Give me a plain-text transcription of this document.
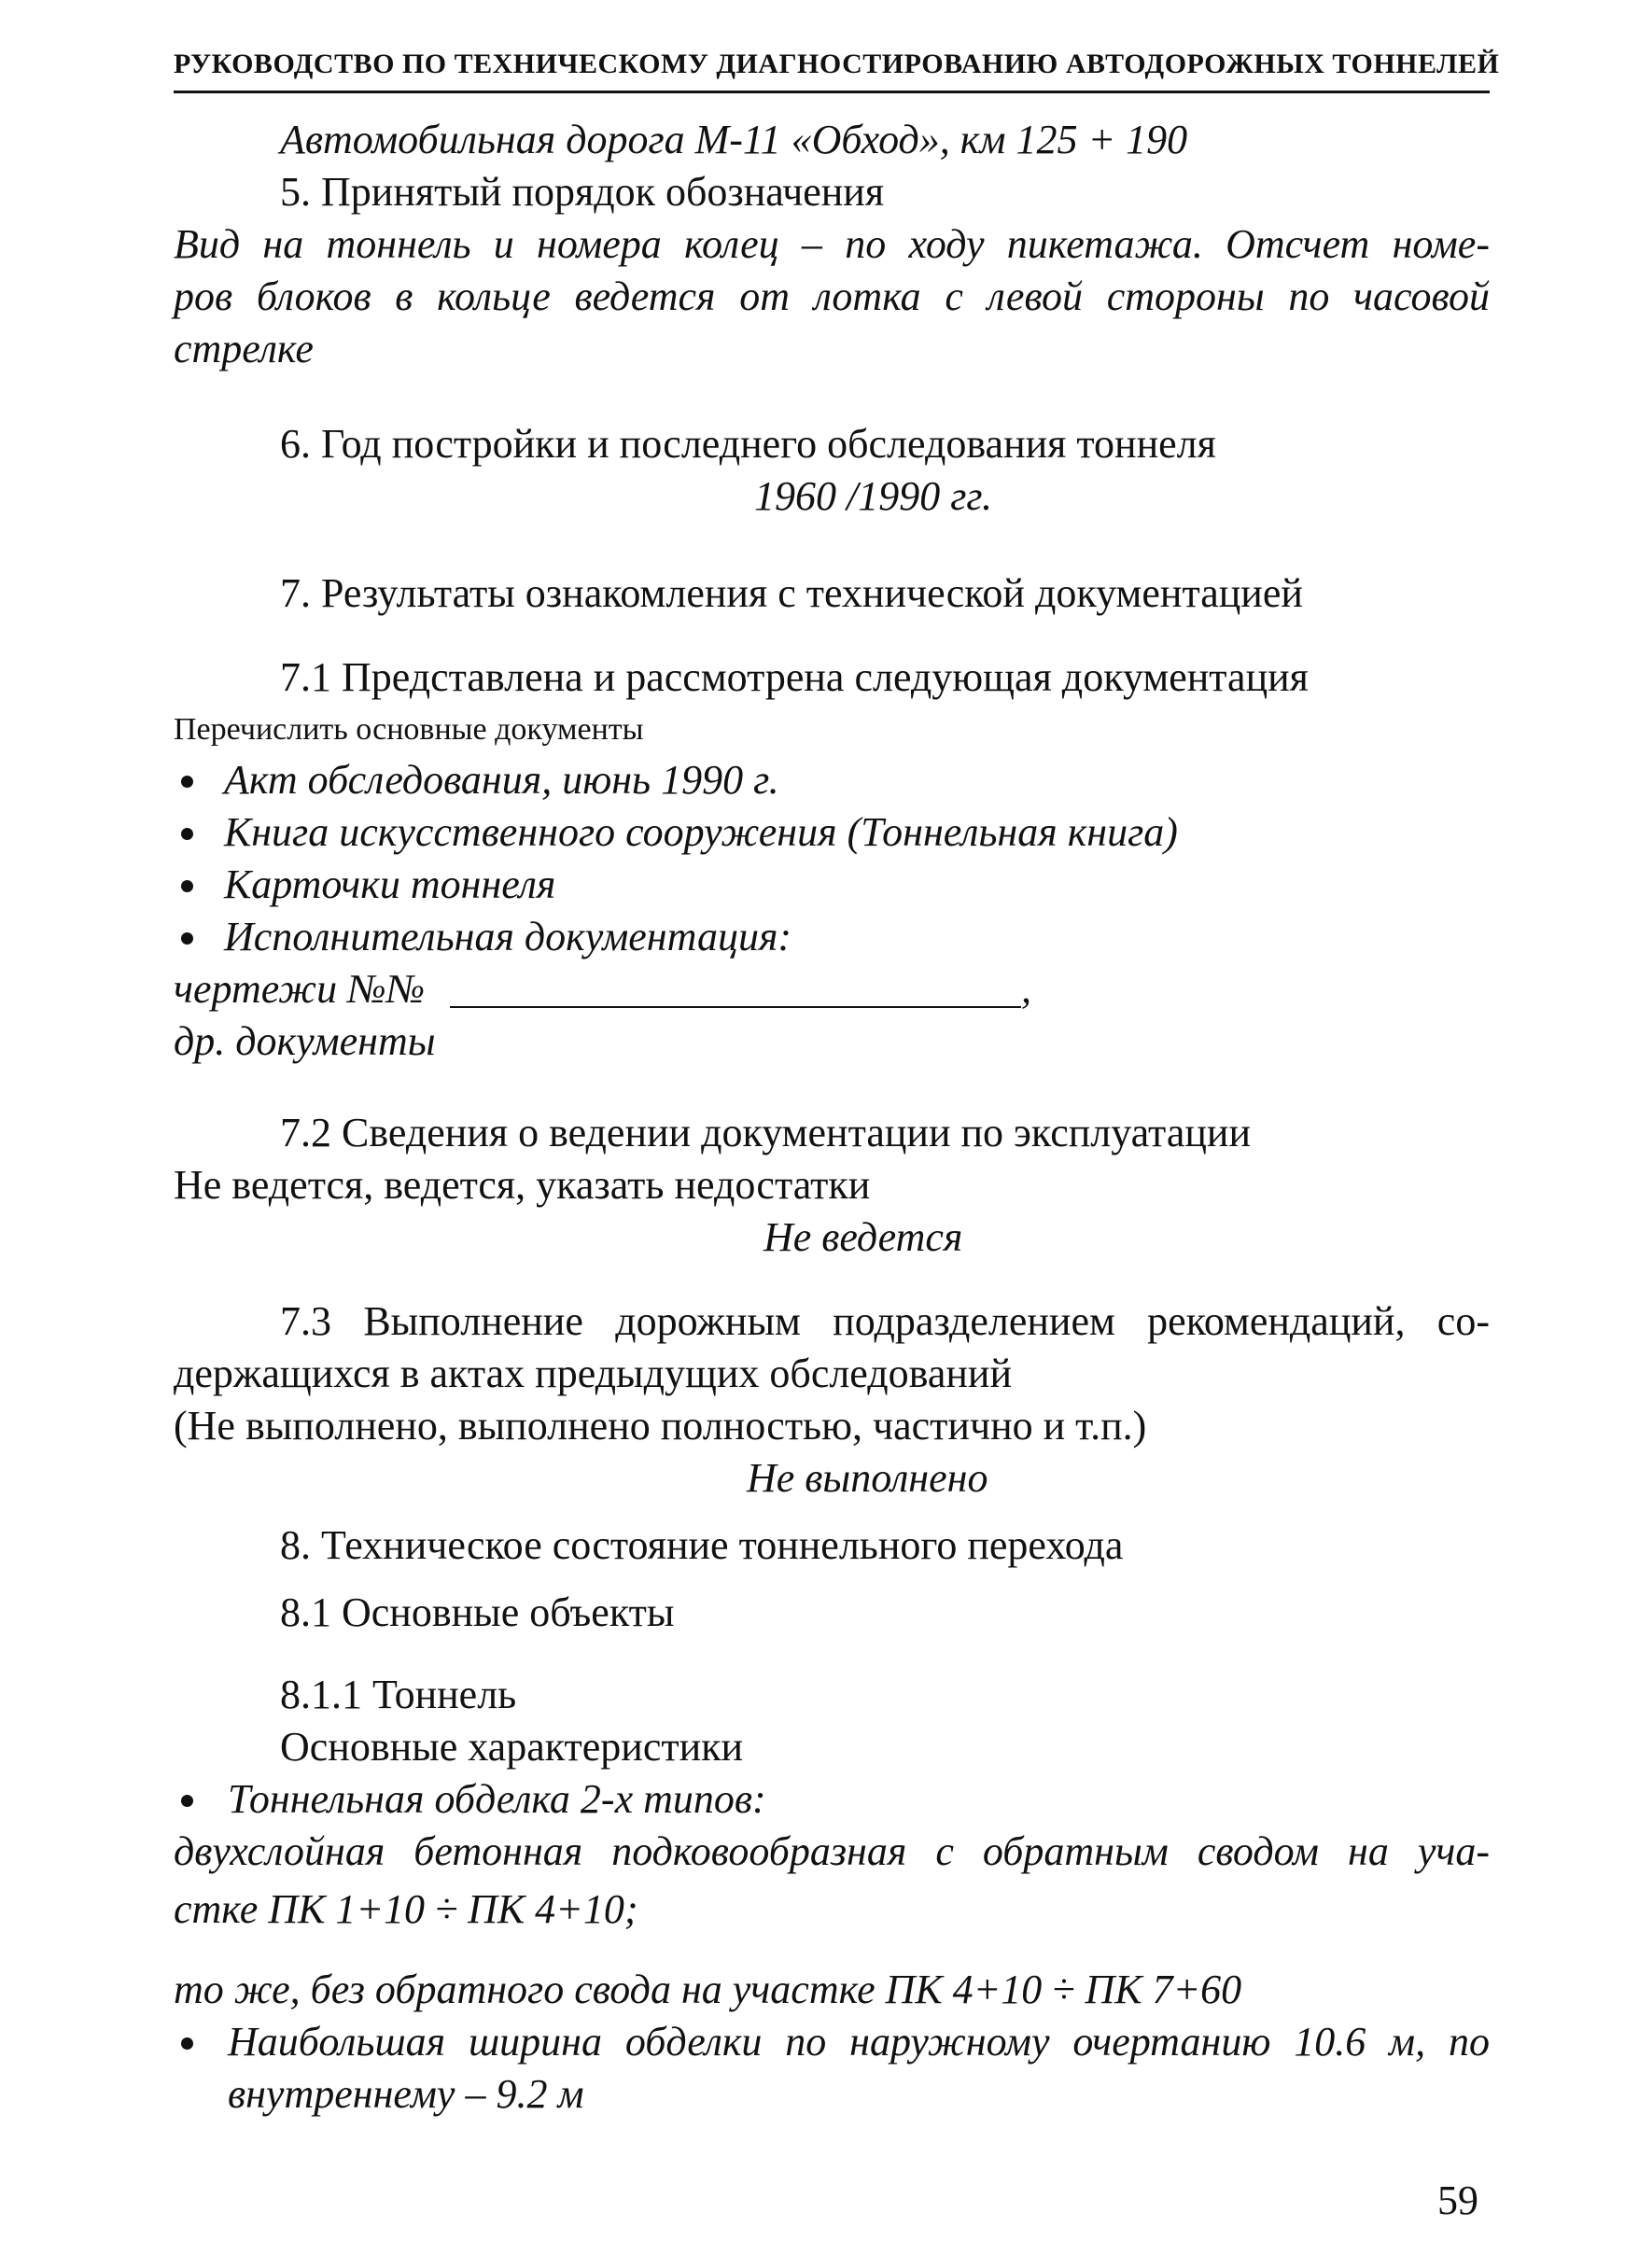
РУКОВОДСТВО ПО ТЕХНИЧЕСКОМУ ДИАГНОСТИРОВАНИЮ АВТОДОРОЖНЫХ ТОННЕЛЕЙ
Автомобильная дорога М-11 «Обход», км 125 + 190
5. Принятый порядок обозначения
Вид на тоннель и номера колец – по ходу пикетажа. Отсчет номе-
ров блоков в кольце ведется от лотка с левой стороны по часовой
стрелке
6. Год постройки и последнего обследования тоннеля
1960 /1990 гг.
7. Результаты ознакомления с технической документацией
7.1 Представлена и рассмотрена следующая документация
Перечислить основные документы
Акт обследования, июнь 1990 г.
Книга искусственного сооружения (Тоннельная книга)
Карточки тоннеля
Исполнительная документация:
чертежи №№	,
др. документы
7.2 Сведения о ведении документации по эксплуатации
Не ведется, ведется, указать недостатки
Не ведется
7.3 Выполнение дорожным подразделением рекомендаций, со-
держащихся в актах предыдущих обследований
(Не выполнено, выполнено полностью, частично и т.п.)
Не выполнено
8. Техническое состояние тоннельного перехода
8.1 Основные объекты
8.1.1 Тоннель
Основные характеристики
Тоннельная обделка 2-х типов:
двухслойная бетонная подковообразная с обратным сводом на уча-
стке ПК 1+10 ÷ ПК 4+10;
то же, без обратного свода на участке ПК 4+10 ÷ ПК 7+60
Наибольшая ширина обделки по наружному очертанию 10.6 м, по
внутреннему – 9.2 м
59
